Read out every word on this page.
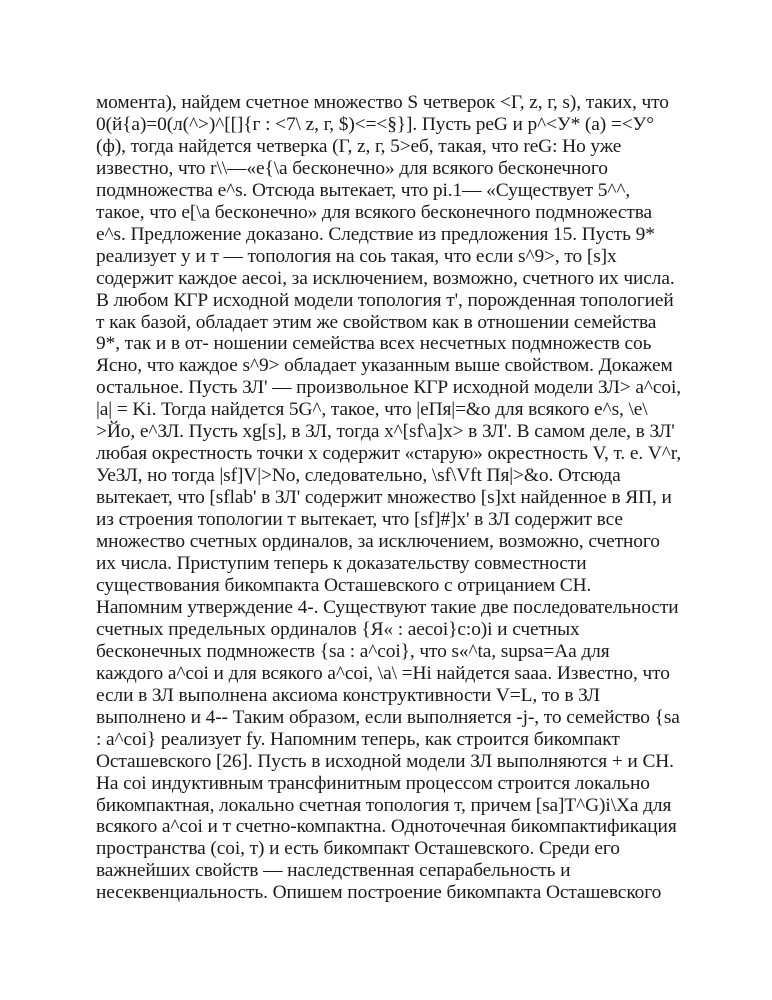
момента), найдем счетное множество S четверок <Г, z, г, s), таких, что
0(й{а)=0(л(^>)^[[]{г : <7\ z, г, $)<=<§}]. Пусть peG и p^<У* (a) =<У°
(ф), тогда найдется четверка (Г, z, г, 5>еб, такая, что reG: Но уже
известно, что r\\—«е{\a бесконечно» для всякого бесконечного
подмножества e^s. Отсюда вытекает, что pi.1— «Существует 5^^,
такое, что e[\a бесконечно» для всякого бесконечного подмножества
e^s. Предложение доказано. Следствие из предложения 15. Пусть 9*
реализует у и т — топология на соь такая, что если s^9>, то [s]x
содержит каждое aecoi, за исключением, возможно, счетного их числа.
В любом КГР исходной модели топология т', порожденная топологией
т как базой, обладает этим же свойством как в отношении семейства
9*, так и в от- ношении семейства всех несчетных подмножеств соь
Ясно, что каждое s^9> обладает указанным выше свойством. Докажем
остальное. Пусть ЗЛ' — произвольное КГР исходной модели ЗЛ> a^coi,
|a| = Ki. Тогда найдется 5G^, такое, что |еПя|=&о для всякого e^s, \e\
>Йо, e^ЗЛ. Пусть xg[s], в ЗЛ, тогда x^[sf\a]x> в ЗЛ'. В самом деле, в ЗЛ'
любая окрестность точки x содержит «старую» окрестность V, т. е. V^r,
УеЗЛ, но тогда |sf]V|>No, следовательно, \sf\Vft Пя|>&о. Отсюда
вытекает, что [sflab' в ЗЛ' содержит множество [s]xt найденное в ЯП, и
из строения топологии т вытекает, что [sf]#]x' в ЗЛ содержит все
множество счетных ординалов, за исключением, возможно, счетного
их числа. Приступим теперь к доказательству совместности
существования бикомпакта Осташевского с отрицанием СН.
Напомним утверждение 4-. Существуют такие две последовательности
счетных предельных ординалов {Я« : aecoi}c:o)i и счетных
бесконечных подмножеств {sa : a^coi}, что s«^ta, supsa=Aa для
каждого a^coi и для всякого a^coi, \a\ =Hi найдется saaa. Известно, что
если в ЗЛ выполнена аксиома конструктивности V=L, то в ЗЛ
выполнено и 4-- Таким образом, если выполняется -j-, то семейство {sa
: a^coi} реализует fy. Напомним теперь, как строится бикомпакт
Осташевского [26]. Пусть в исходной модели ЗЛ выполняются + и СН.
На coi индуктивным трансфинитным процессом строится локально
бикомпактная, локально счетная топология т, причем [sa]T^G)i\Xa для
всякого a^coi и т счетно-компактна. Одноточечная бикомпактификация
пространства (coi, т) и есть бикомпакт Осташевского. Среди его
важнейших свойств — наследственная сепарабельность и
несеквенциальность. Опишем построение бикомпакта Осташевского
